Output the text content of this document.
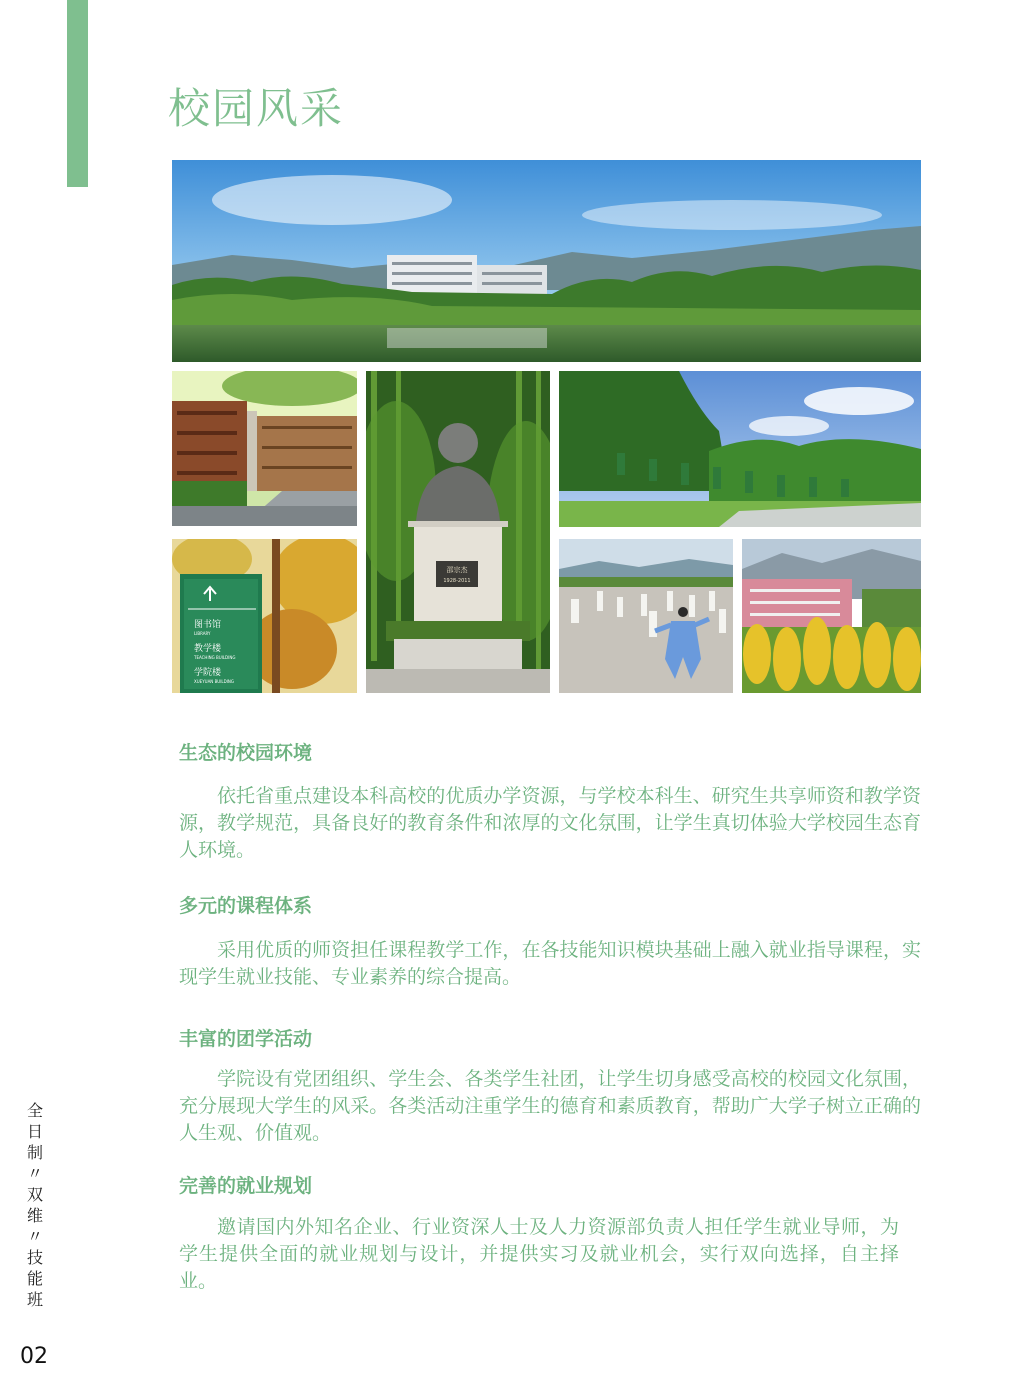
校园风采
邵宗杰
1928-2011
图书馆
LIBRARY
教学楼
TEACHING BUILDING
学院楼
XUEYUAN BUILDING
生态的校园环境

依托省重点建设本科高校的优质办学资源，与学校本科生、研究生共享师资和教学资源，教学规范，具备良好的教育条件和浓厚的文化氛围，让学生真切体验大学校园生态育人环境。

多元的课程体系

采用优质的师资担任课程教学工作，在各技能知识模块基础上融入就业指导课程，实现学生就业技能、专业素养的综合提高。

丰富的团学活动

学院设有党团组织、学生会、各类学生社团，让学生切身感受高校的校园文化氛围，充分展现大学生的风采。各类活动注重学生的德育和素质教育，帮助广大学子树立正确的人生观、价值观。

完善的就业规划

邀请国内外知名企业、行业资深人士及人力资源部负责人担任学生就业导师，为学生提供全面的就业规划与设计，并提供实习及就业机会，实行双向选择，自主择业。

全日制〃双维〃技能班
02
